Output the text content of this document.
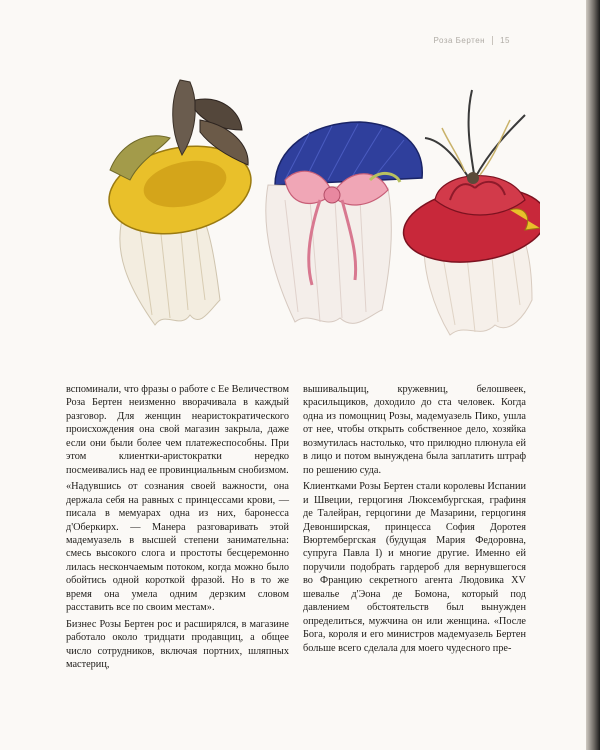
Роза Бертен 15

вспоминали, что фразы о работе с Ее Величеством Роза Бертен неизменно вворачивала в каждый разговор. Для женщин неаристократического происхождения она свой магазин закрыла, даже если они были более чем платежеспособны. При этом клиентки-аристократки нередко посмеивались над ее провинциальным снобизмом.

«Надувшись от сознания своей важности, она держала себя на равных с принцессами крови, — писала в мемуарах одна из них, баронесса д'Оберкирх. — Манера разговаривать этой мадемуазель в высшей степени занимательна: смесь высокого слога и простоты бесцеремонно лилась нескончаемым потоком, когда можно было обойтись одной короткой фразой. Но в то же время она умела одним дерзким словом расставить все по своим местам».

Бизнес Розы Бертен рос и расширялся, в магазине работало около тридцати продавщиц, а общее число сотрудников, включая портних, шляпных мастериц,

вышивальщиц, кружевниц, белошвеек, красильщиков, доходило до ста человек. Когда одна из помощниц Розы, мадемуазель Пико, ушла от нее, чтобы открыть собственное дело, хозяйка возмутилась настолько, что прилюдно плюнула ей в лицо и потом вынуждена была заплатить штраф по решению суда.

Клиентками Розы Бертен стали королевы Испании и Швеции, герцогиня Люксембургская, графиня де Талейран, герцогини де Мазарини, герцогиня Девонширская, принцесса София Доротея Вюртембергская (будущая Мария Федоровна, супруга Павла I) и многие другие. Именно ей поручили подобрать гардероб для вернувшегося во Францию секретного агента Людовика XV шевалье д'Эона де Бомона, который под давлением обстоятельств был вынужден определиться, мужчина он или женщина. «После Бога, короля и его министров мадемуазель Бертен больше всего сделала для моего чудесного пре-
